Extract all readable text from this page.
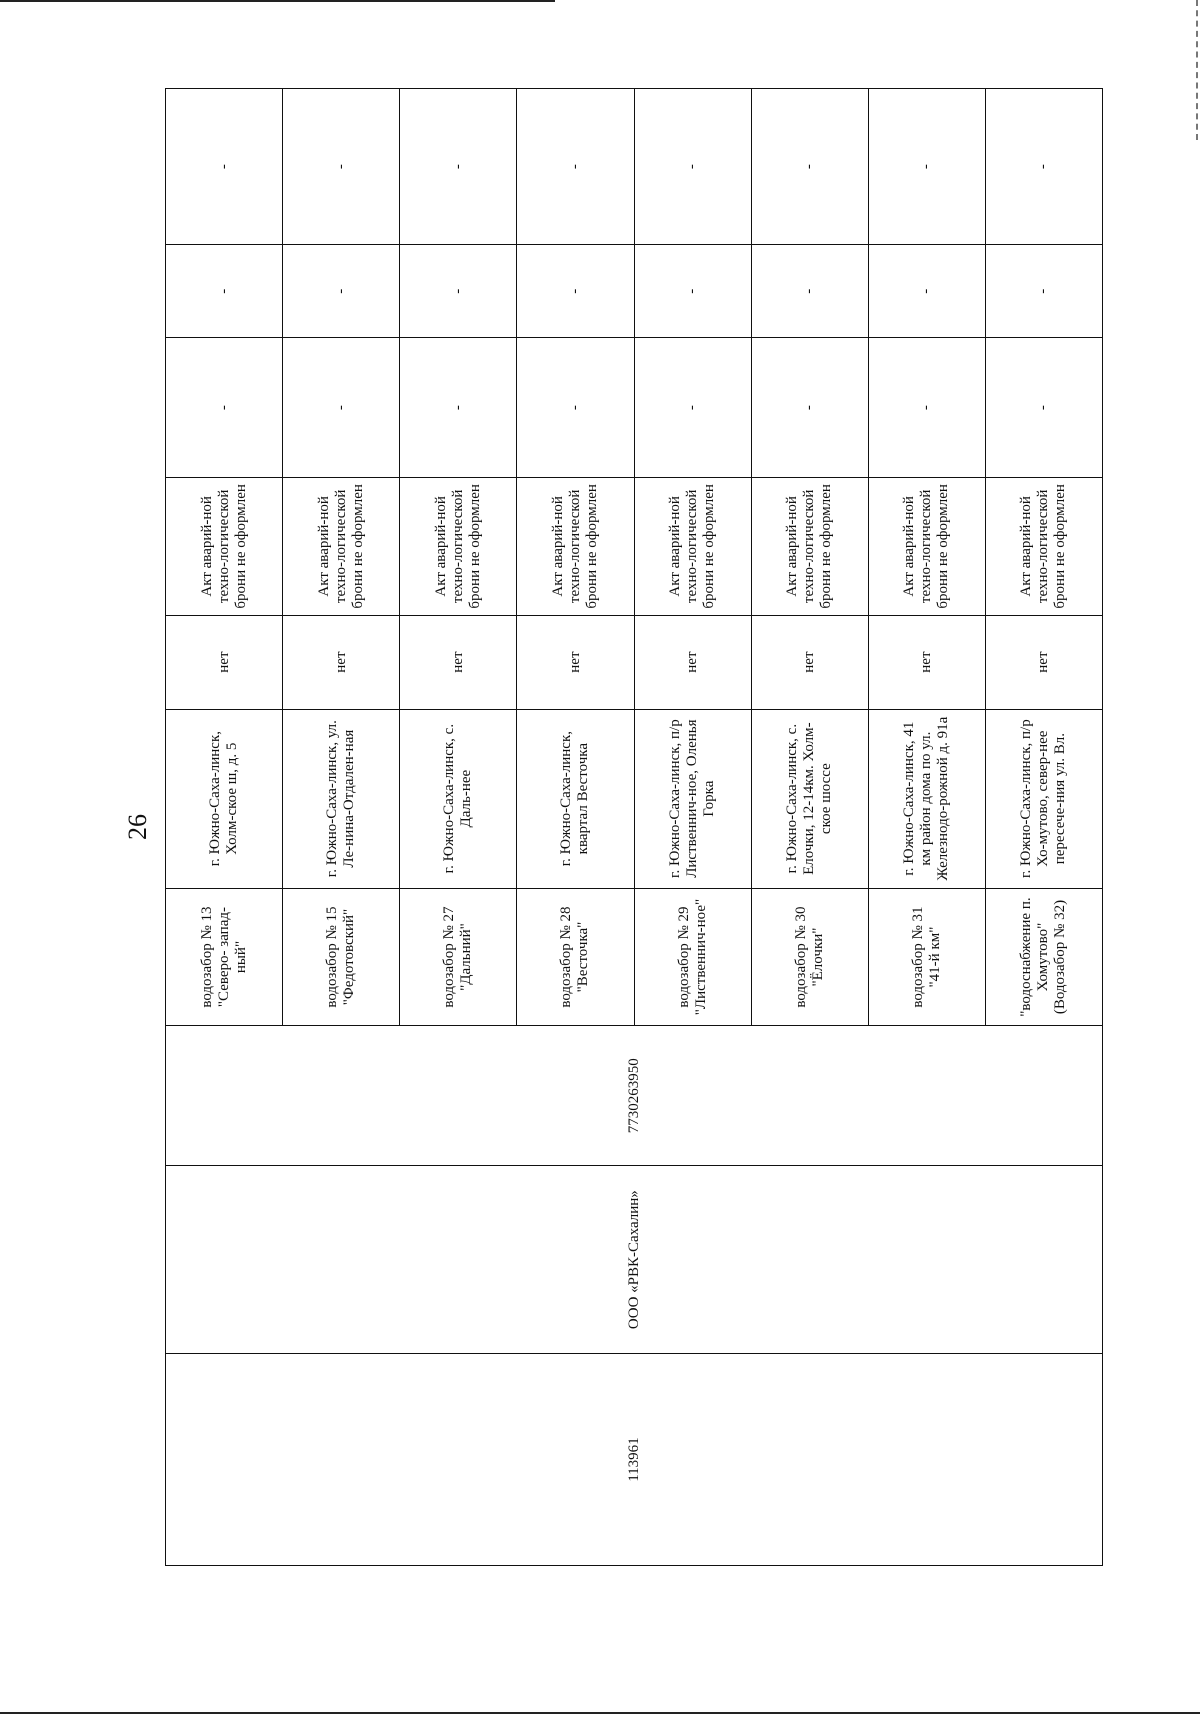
26
113961	ООО «РВК-Сахалин»	7730263950	водозабор № 13 "Северо- запад-ный"	г. Южно-Саха-линск, Холм-ское ш, д. 5	нет	Акт аварий-ной техно-логической брони не оформлен	-	-	-
			водозабор № 15 "Федотовский"	г. Южно-Саха-линск, ул. Ле-нина-Отдален-ная	нет	Акт аварий-ной техно-логической брони не оформлен	-	-	-
			водозабор № 27 "Дальний"	г. Южно-Саха-линск, с. Даль-нее	нет	Акт аварий-ной техно-логической брони не оформлен	-	-	-
			водозабор № 28 "Весточка"	г. Южно-Саха-линск, квартал Весточка	нет	Акт аварий-ной техно-логической брони не оформлен	-	-	-
			водозабор № 29 "Лиственнич-ное"	г. Южно-Саха-линск, п/р Лиственнич-ное, Оленья Горка	нет	Акт аварий-ной техно-логической брони не оформлен	-	-	-
			водозабор № 30 "Ёлочки"	г. Южно-Саха-линск, с. Елочки, 12-14км. Холм-ское шоссе	нет	Акт аварий-ной техно-логической брони не оформлен	-	-	-
			водозабор № 31 "41-й км"	г. Южно-Саха-линск, 41 км район дома по ул. Железнодо-рожной д. 91а	нет	Акт аварий-ной техно-логической брони не оформлен	-	-	-
			"водоснабжение п. Хомутово" (Водозабор № 32)	г. Южно-Саха-линск, п/р Хо-мутово, север-нее пересече-ния ул. Вл.	нет	Акт аварий-ной техно-логической брони не оформлен	-	-	-
